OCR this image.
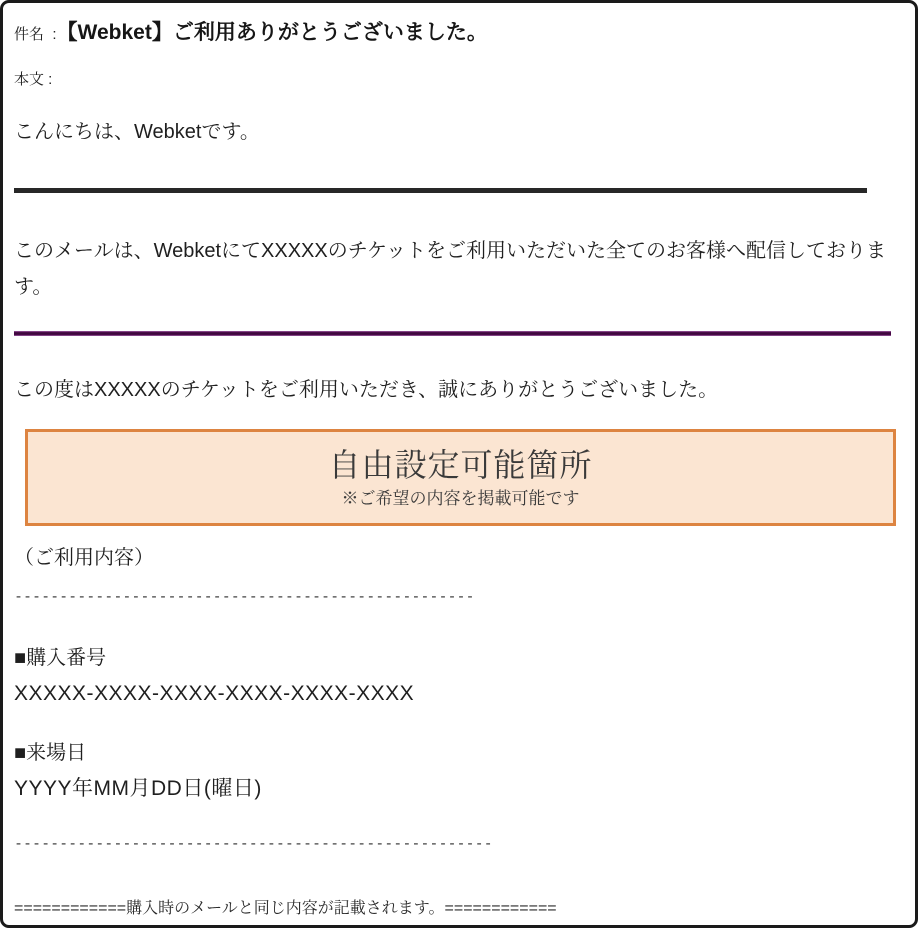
件名  : 【Webket】ご利用ありがとうございました。
本文 :
こんにちは、Webketです。
このメールは、WebketにてXXXXXのチケットをご利用いただいた全てのお客様へ配信しております。
この度はXXXXXのチケットをご利用いただき、誠にありがとうございました。
自由設定可能箇所
※ご希望の内容を掲載可能です
（ご利用内容）
---------------------------------------------------
■購入番号
XXXXX-XXXX-XXXX-XXXX-XXXX-XXXX
■来場日
YYYY年MM月DD日(曜日)
-----------------------------------------------------
============購入時のメールと同じ内容が記載されます。============
